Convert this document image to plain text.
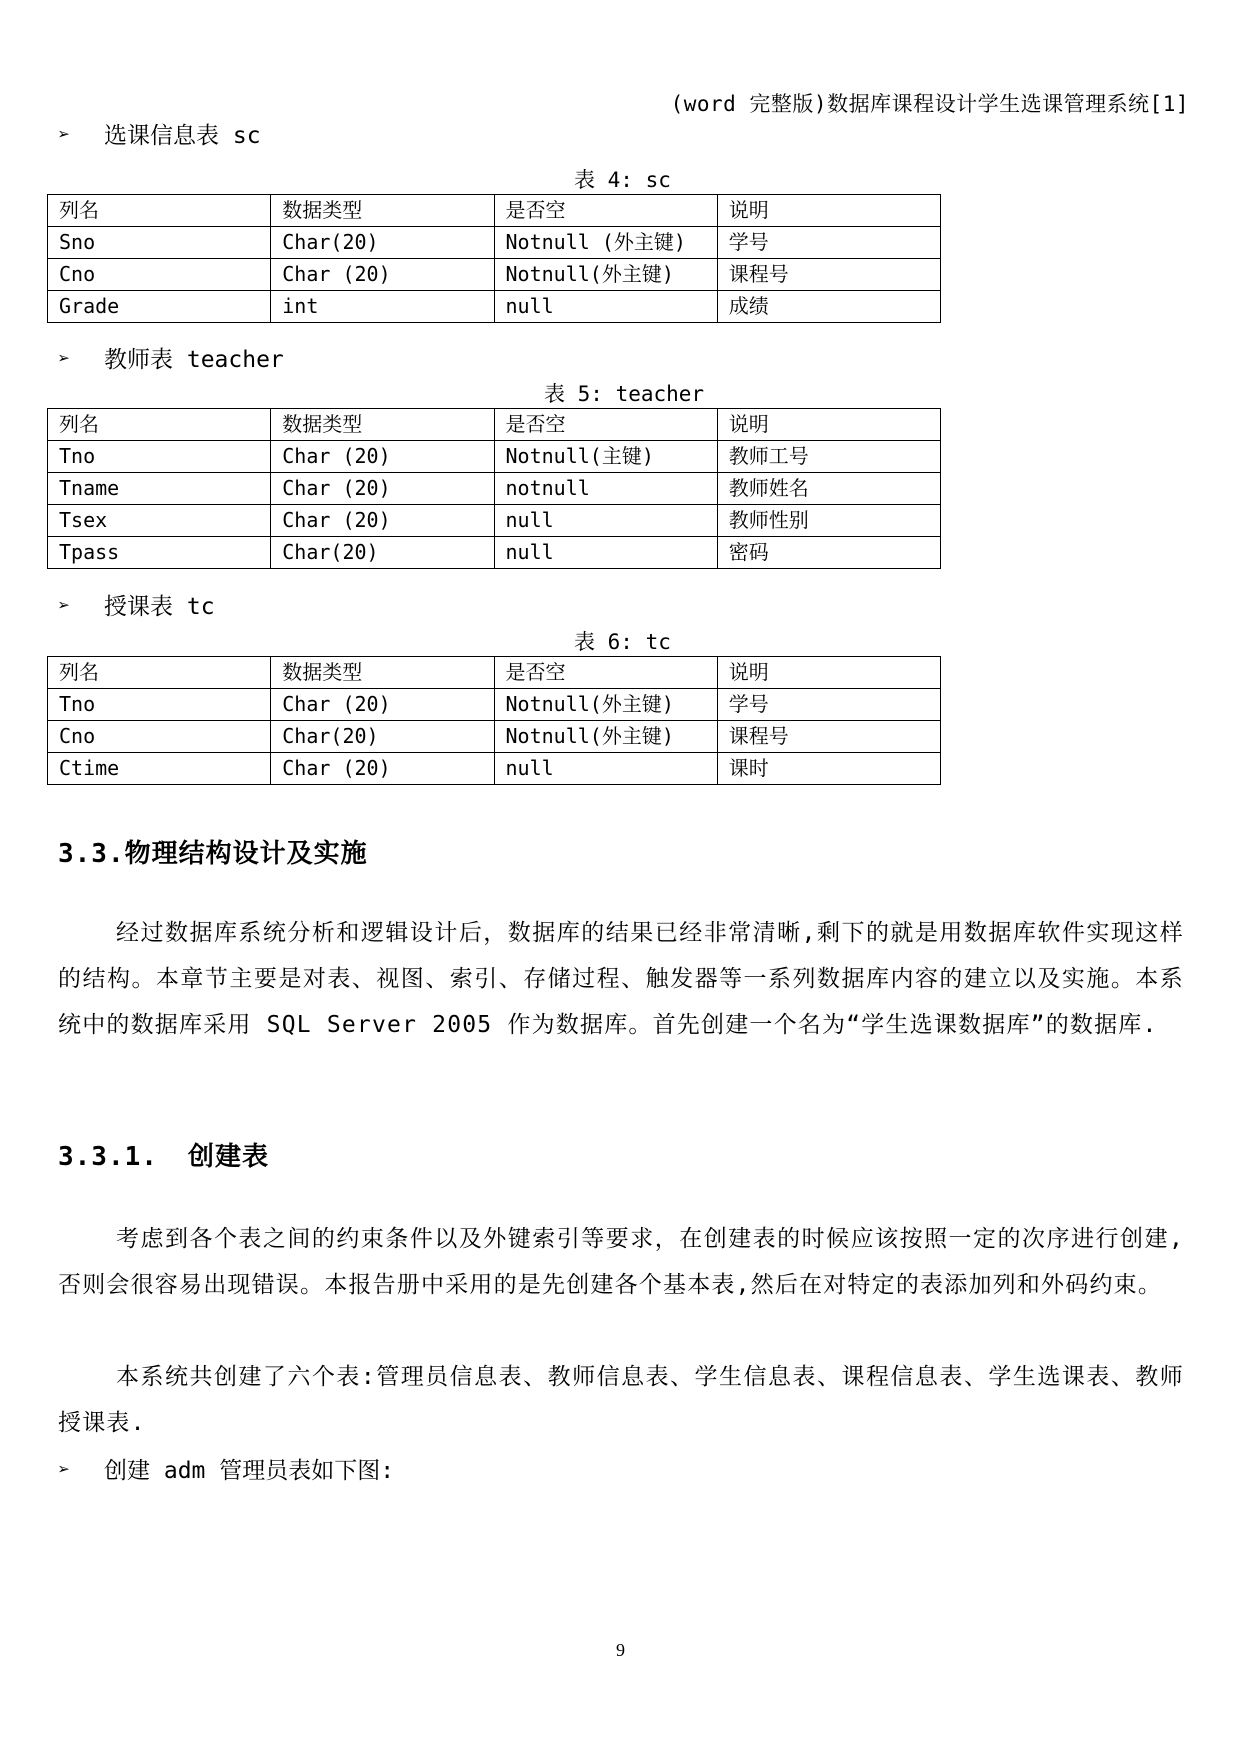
(word 完整版)数据库课程设计学生选课管理系统[1]
➢	选课信息表 sc
表 4: sc
列名	数据类型	是否空	说明
Sno	Char(20)	Notnull (外主键)	学号
Cno	Char (20)	Notnull(外主键)	课程号
Grade	int	null	成绩
➢	教师表 teacher
表 5: teacher
列名	数据类型	是否空	说明
Tno	Char (20)	Notnull(主键)	教师工号
Tname	Char (20)	notnull	教师姓名
Tsex	Char (20)	null	教师性别
Tpass	Char(20)	null	密码
➢	授课表 tc
表 6: tc
列名	数据类型	是否空	说明
Tno	Char (20)	Notnull(外主键)	学号
Cno	Char(20)	Notnull(外主键)	课程号
Ctime	Char (20)	null	课时
3.3.物理结构设计及实施
经过数据库系统分析和逻辑设计后，数据库的结果已经非常清晰,剩下的就是用数据库软件实现这样的结构。本章节主要是对表、视图、索引、存储过程、触发器等一系列数据库内容的建立以及实施。本系统中的数据库采用 SQL Server 2005 作为数据库。首先创建一个名为“学生选课数据库”的数据库.
3.3.1. 创建表
考虑到各个表之间的约束条件以及外键索引等要求，在创建表的时候应该按照一定的次序进行创建,否则会很容易出现错误。本报告册中采用的是先创建各个基本表,然后在对特定的表添加列和外码约束。
本系统共创建了六个表:管理员信息表、教师信息表、学生信息表、课程信息表、学生选课表、教师授课表.
➢	创建 adm 管理员表如下图:
9
